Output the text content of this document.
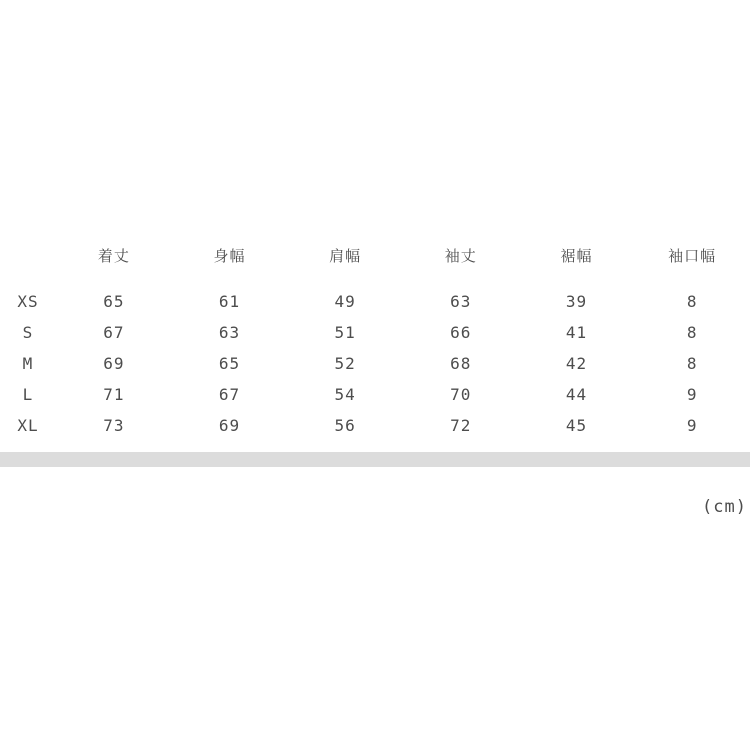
	着丈	身幅	肩幅	袖丈	裾幅	袖口幅
XS	65	61	49	63	39	8
S	67	63	51	66	41	8
M	69	65	52	68	42	8
L	71	67	54	70	44	9
XL	73	69	56	72	45	9
(cm)
